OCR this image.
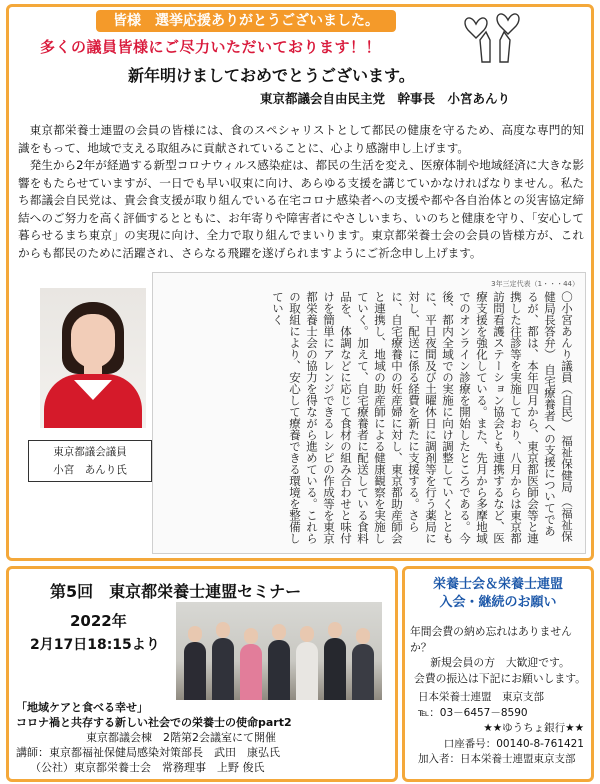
皆様　選挙応援ありがとうございました。
多くの議員皆様にご尽力いただいております！！
新年明けましておめでとうございます。
東京都議会自由民主党　幹事長　小宮あんり

東京都栄養士連盟の会員の皆様には、食のスペシャリストとして都民の健康を守るため、高度な専門的知識をもって、地域で支える取組みに貢献されていることに、心より感謝申し上げます。

発生から2年が経過する新型コロナウィルス感染症は、都民の生活を変え、医療体制や地域経済に大きな影響をもたらせていますが、一日でも早い収束に向け、あらゆる支援を講じていかなければなりません。私たち都議会自民党は、貴会食支援が取り組んでいる在宅コロナ感染者への支援や都や各自治体との災害協定締結へのご努力を高く評価するとともに、お年寄りや障害者にやさしいまち、いのちと健康を守り、「安心して暮らせるまち東京」の実現に向け、全力で取り組んでまいります。東京都栄養士会の会員の皆様方が、これからも都民のために活躍され、さらなる飛躍を遂げられますようにご祈念申し上げます。

東京都議会議員
小宮　あんり氏
3年三定代表（1・・・44）
〇小宮あんり議員（自民）　福祉保健局 （福祉保健局長答弁） 自宅療養者への支援についてであるが、都は、本年四月から、東京都医師会等と連携した往診等を実施しており、八月からは東京都訪問看護ステーション協会とも連携するなど、医療支援を強化している。また、先月から多摩地域でのオンライン診療を開始したところである。今後、都内全域での実施に向け調整していくとともに、平日夜間及び土曜休日に調剤等を行う薬局に対し、配送に係る経費を新たに支援する。さらに、自宅療養中の妊産婦に対し、東京都助産師会と連携し、地域の助産師による健康観察を実施していく。加えて、自宅療養者に配送している食料品を、体調などに応じて食材の組み合わせと味付けを簡単にアレンジできるレシピの作成等を東京都栄養士会の協力を得ながら進めている。これらの取組により、安心して療養できる環境を整備していく
第5回　東京都栄養士連盟セミナー
2022年
2月17日18:15より
「地域ケアと食べる幸せ」
コロナ禍と共存する新しい社会での栄養士の使命part2
東京都議会棟　2階第2会議室にて開催
講師：東京都福祉保健局感染対策部長　武田　康弘氏
（公社）東京都栄養士会　常務理事　上野 俊氏
栄養士会＆栄養士連盟
入会・継続のお願い
年間会費の納め忘れはありませんか？
新規会員の方　大歓迎です。
会費の振込は下記にお願いします。
日本栄養士連盟　東京支部
℡：03－6457－8590
★★ゆうちょ銀行★★
口座番号：00140-8-761421
加入者：日本栄養士連盟東京支部
